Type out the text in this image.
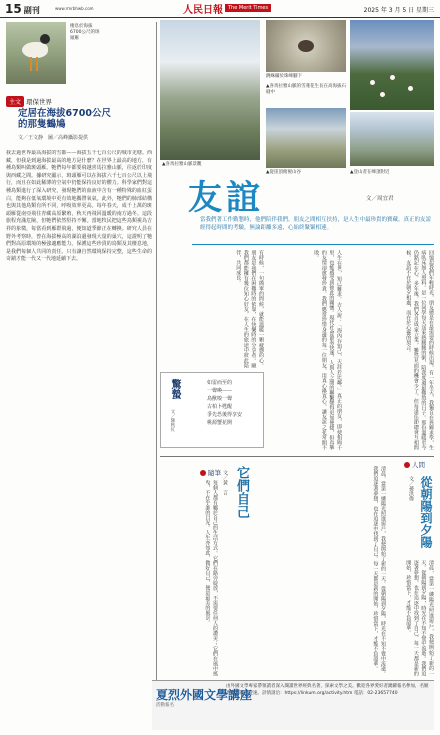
15 副刊	www.rmrbhwb.com	人民日報	The Merit Times	2025 年 3 月 5 日 星期三
棲息於海拔6700公尺的斑頭雁
主文 環保世界
定居在海拔6700公尺
的那隻鶴鳩
文／王文静　圖／高峰攝影提供
我去過世界最高海拔的雪都——海拔五千七百公尺的城市羌塘。西藏，但我是到過海拔最高的地方是什麼？在世界上最高的地方，有種鳥類叫做斑頭雁。牠們每年都要飛越喜馬拉雅山脈，往返於印度與西藏之間。據研究顯示，斑頭雁可以在海拔六千七百公尺以上飛行，而且在如此稀薄的空氣中仍能保持良好的體力。科學家們對這種鳥類進行了深入研究，發現牠們的血液中含有一種特殊的血紅蛋白，能夠在低氧環境中更有效地攜帶氧氣。此外，牠們的肺部結構也與其他鳥類有所不同，呼吸效率更高。每年春天，成千上萬的斑頭雁從南亞飛往青藏高原繁殖，秋天再飛回溫暖的南方過冬。這段旅程充滿危險，但牠們依然堅持不懈。當地牧民把這些鳥類視為吉祥的象徵，每當看到雁群飛過，便知道季節正在轉換。研究人員在野外考察時，曾在海拔極高的湖泊邊發現大量的巢穴，這證明了牠們對高原環境的極強適應能力。保護這些珍貴的鳥類及其棲息地，是我們每個人共同的責任。只有讓自然環境保持完整，這些生命的奇蹟才能一代又一代地延續下去。
▲喜馬拉雅山脈景觀
跳蛛攝於珠峰腳下
▲喜馬拉雅山脈的雪蓮花生長在高海拔石縫中
▲登山者在峰頂附近
▲從崖頂俯視山谷
友誼	文／周宜君
當我們著工作勤懇時，他們陪伴我們。朋友之間相互扶持，是人生中最珍貴的寶藏。真正的友誼經得起時間的考驗，無論距離多遠，心始終緊緊相連。
回憶起我們年輕時光，朋友總是在最需要的時候出現。有一年冬天，我獨自在異鄉求學，生病臥床無人照料。是一位同學每天送來熱騰騰的粥，陪我度過最難熬的日子。那份溫暖至今仍銘記在心。多年後，我們各自成家立業，雖然見面的機會少了，但每逢佳節總會互相問候。友誼不在於朝夕相處，而在於心靈的契合。
人生在世，知己難求。古人說：「海內存知己，天涯若比鄰。」真正的朋友，即使相隔千里，也能感受到彼此的關懷。現代社會節奏快速，人與人之間的聯繫變得更加便捷，但真摯的友情卻愈發珍貴。我們應當珍惜身邊的每一位朋友，用真心換真心，讓友誼之花常開不敗。
有時候，一句簡單的問候，就能溫暖一顆疲憊的心。朋友是我們在困難時的依靠，在快樂時的分享者。願我們都能擁有幾位知心好友，在人生的旅途中彼此陪伴，共同成長。
驚蟄
文／陳秋紅
如雷而至的
一聲喚——
鳥獸嗅一聲
古柏卜甦醒
爭先恐後得享安
桃源蟹花開
它們自己
文／黃　言
隨筆
每個人都有屬於自己的生活方式。它們在路旁綻放，不需要任何人的讚美；它們在風中搖曳，不在乎誰的目光。人生亦如此，做好自己，便是最美的風景。	清晨，當第一縷陽光照進窗戶，我便開始了新的一天。從朝陽到夕陽，時光在不知不覺中流逝。我們追逐著夢想，也在追逐中找到了自己。每一天都是新的開始，珍惜當下，才能不負韶華。
人間
從朝陽到夕陽
文／孫洪偉
清晨，當第一縷陽光照進窗戶，我便開始了新的一天。從朝陽到夕陽，時光在不知不覺中流逝。我們追逐著夢想，也在追逐中找到了自己。每一天都是新的開始，珍惜當下，才能不負韶華。
夏烈外國文學講座
活動報名
由外國文學專家帶領讀者深入閱讀世界經典名著，探索文學之美。歡迎各界愛好者踴躍報名參加，名額有限，報名從速。詳情請洽：https://linkum.org/activity.htm 電話：02-23657740
